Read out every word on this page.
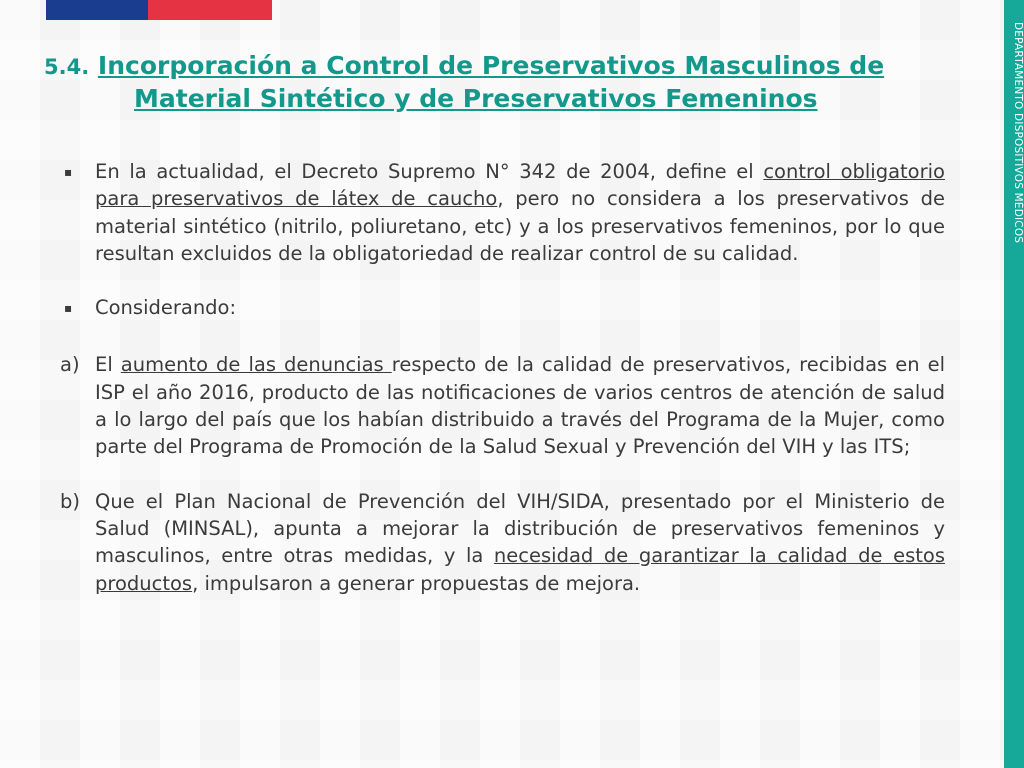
DEPARTAMENTO DISPOSITIVOS MÉDICOS
5.4. Incorporación a Control de Preservativos Masculinos de
Material Sintético y de Preservativos Femeninos
▪	En la actualidad, el Decreto Supremo N° 342 de 2004, define el control obligatorio para preservativos de látex de caucho, pero no considera a los preservativos de material sintético (nitrilo, poliuretano, etc) y a los preservativos femeninos, por lo que resultan excluidos de la obligatoriedad de realizar control de su calidad.
▪	Considerando:
a) El aumento de las denuncias respecto de la calidad de preservativos, recibidas en el ISP el año 2016, producto de las notificaciones de varios centros de atención de salud a lo largo del país que los habían distribuido a través del Programa de la Mujer, como parte del Programa de Promoción de la Salud Sexual y Prevención del VIH y las ITS;
b) Que el Plan Nacional de Prevención del VIH/SIDA, presentado por el Ministerio de Salud (MINSAL), apunta a mejorar la distribución de preservativos femeninos y masculinos, entre otras medidas, y la necesidad de garantizar la calidad de estos productos, impulsaron a generar propuestas de mejora.
